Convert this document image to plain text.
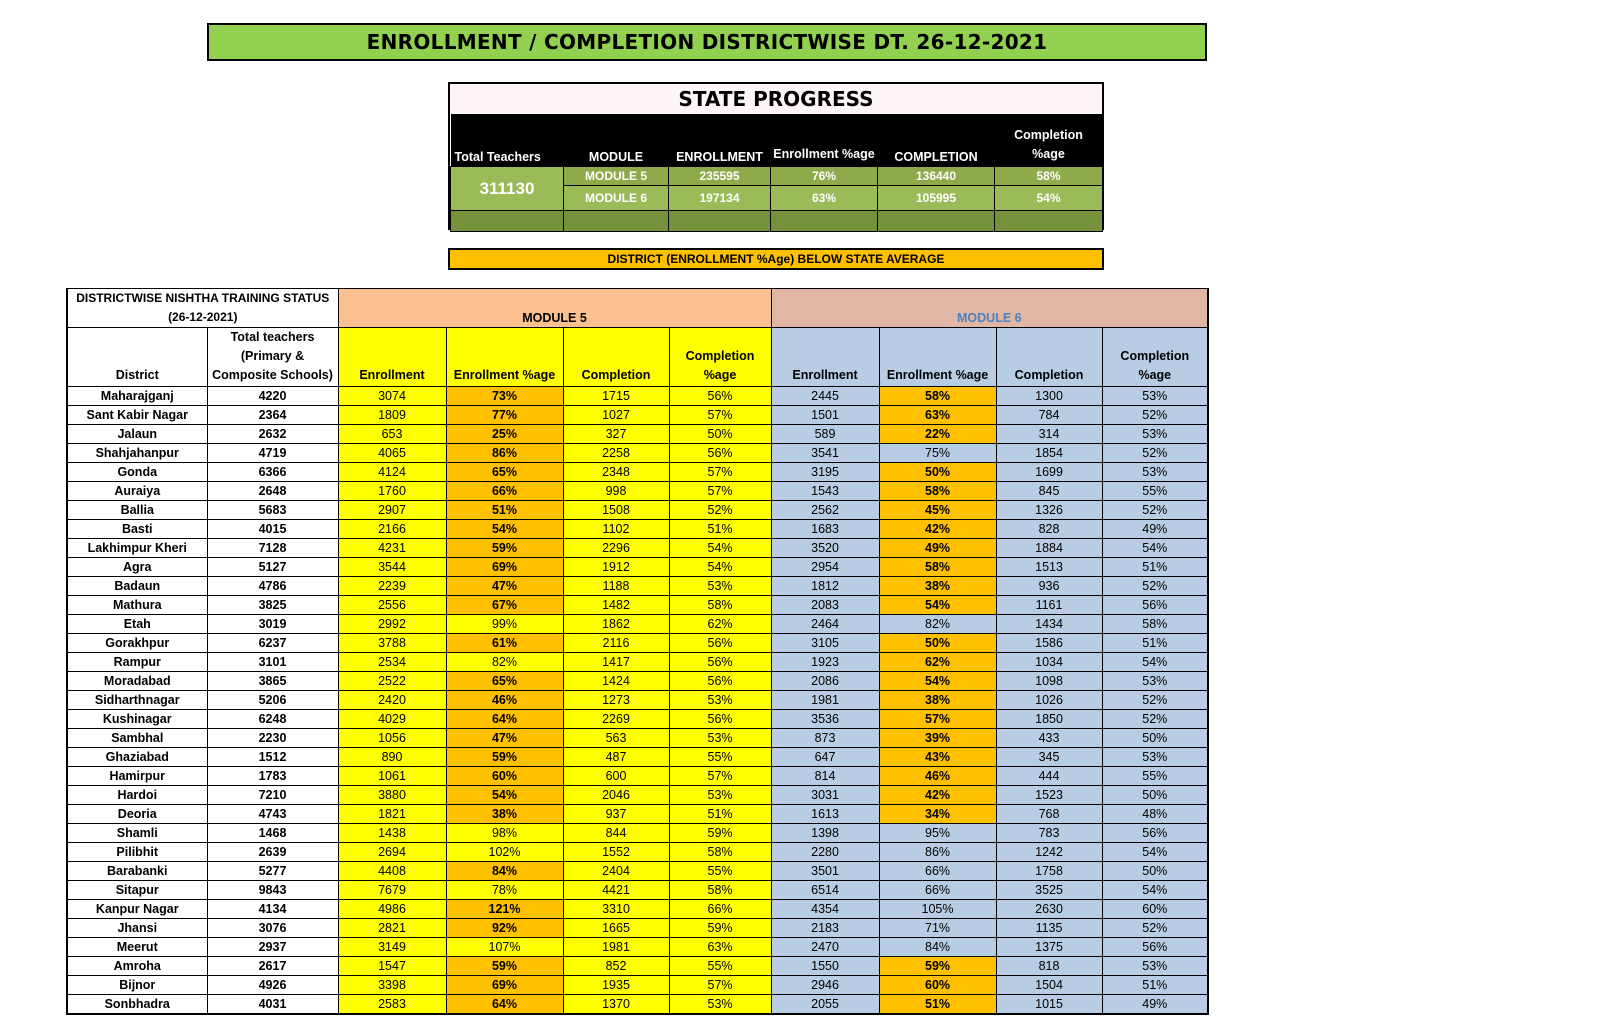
ENROLLMENT / COMPLETION DISTRICTWISE DT. 26-12-2021
STATE PROGRESS
Total Teachers	MODULE	ENROLLMENT	Enrollment %age	COMPLETION	Completion %age
311130	MODULE 5	235595	76%	136440	58%
	MODULE 6	197134	63%	105995	54%

DISTRICT (ENROLLMENT %Age) BELOW STATE AVERAGE
DISTRICTWISE NISHTHA TRAINING STATUS (26-12-2021)		MODULE 5				MODULE 6			
District	Total teachers (Primary & Composite Schools)	Enrollment	Enrollment %age	Completion	Completion %age	Enrollment	Enrollment %age	Completion	Completion %age
Maharajganj	4220	3074	73%	1715	56%	2445	58%	1300	53%
Sant Kabir Nagar	2364	1809	77%	1027	57%	1501	63%	784	52%
Jalaun	2632	653	25%	327	50%	589	22%	314	53%
Shahjahanpur	4719	4065	86%	2258	56%	3541	75%	1854	52%
Gonda	6366	4124	65%	2348	57%	3195	50%	1699	53%
Auraiya	2648	1760	66%	998	57%	1543	58%	845	55%
Ballia	5683	2907	51%	1508	52%	2562	45%	1326	52%
Basti	4015	2166	54%	1102	51%	1683	42%	828	49%
Lakhimpur Kheri	7128	4231	59%	2296	54%	3520	49%	1884	54%
Agra	5127	3544	69%	1912	54%	2954	58%	1513	51%
Badaun	4786	2239	47%	1188	53%	1812	38%	936	52%
Mathura	3825	2556	67%	1482	58%	2083	54%	1161	56%
Etah	3019	2992	99%	1862	62%	2464	82%	1434	58%
Gorakhpur	6237	3788	61%	2116	56%	3105	50%	1586	51%
Rampur	3101	2534	82%	1417	56%	1923	62%	1034	54%
Moradabad	3865	2522	65%	1424	56%	2086	54%	1098	53%
Sidharthnagar	5206	2420	46%	1273	53%	1981	38%	1026	52%
Kushinagar	6248	4029	64%	2269	56%	3536	57%	1850	52%
Sambhal	2230	1056	47%	563	53%	873	39%	433	50%
Ghaziabad	1512	890	59%	487	55%	647	43%	345	53%
Hamirpur	1783	1061	60%	600	57%	814	46%	444	55%
Hardoi	7210	3880	54%	2046	53%	3031	42%	1523	50%
Deoria	4743	1821	38%	937	51%	1613	34%	768	48%
Shamli	1468	1438	98%	844	59%	1398	95%	783	56%
Pilibhit	2639	2694	102%	1552	58%	2280	86%	1242	54%
Barabanki	5277	4408	84%	2404	55%	3501	66%	1758	50%
Sitapur	9843	7679	78%	4421	58%	6514	66%	3525	54%
Kanpur Nagar	4134	4986	121%	3310	66%	4354	105%	2630	60%
Jhansi	3076	2821	92%	1665	59%	2183	71%	1135	52%
Meerut	2937	3149	107%	1981	63%	2470	84%	1375	56%
Amroha	2617	1547	59%	852	55%	1550	59%	818	53%
Bijnor	4926	3398	69%	1935	57%	2946	60%	1504	51%
Sonbhadra	4031	2583	64%	1370	53%	2055	51%	1015	49%
